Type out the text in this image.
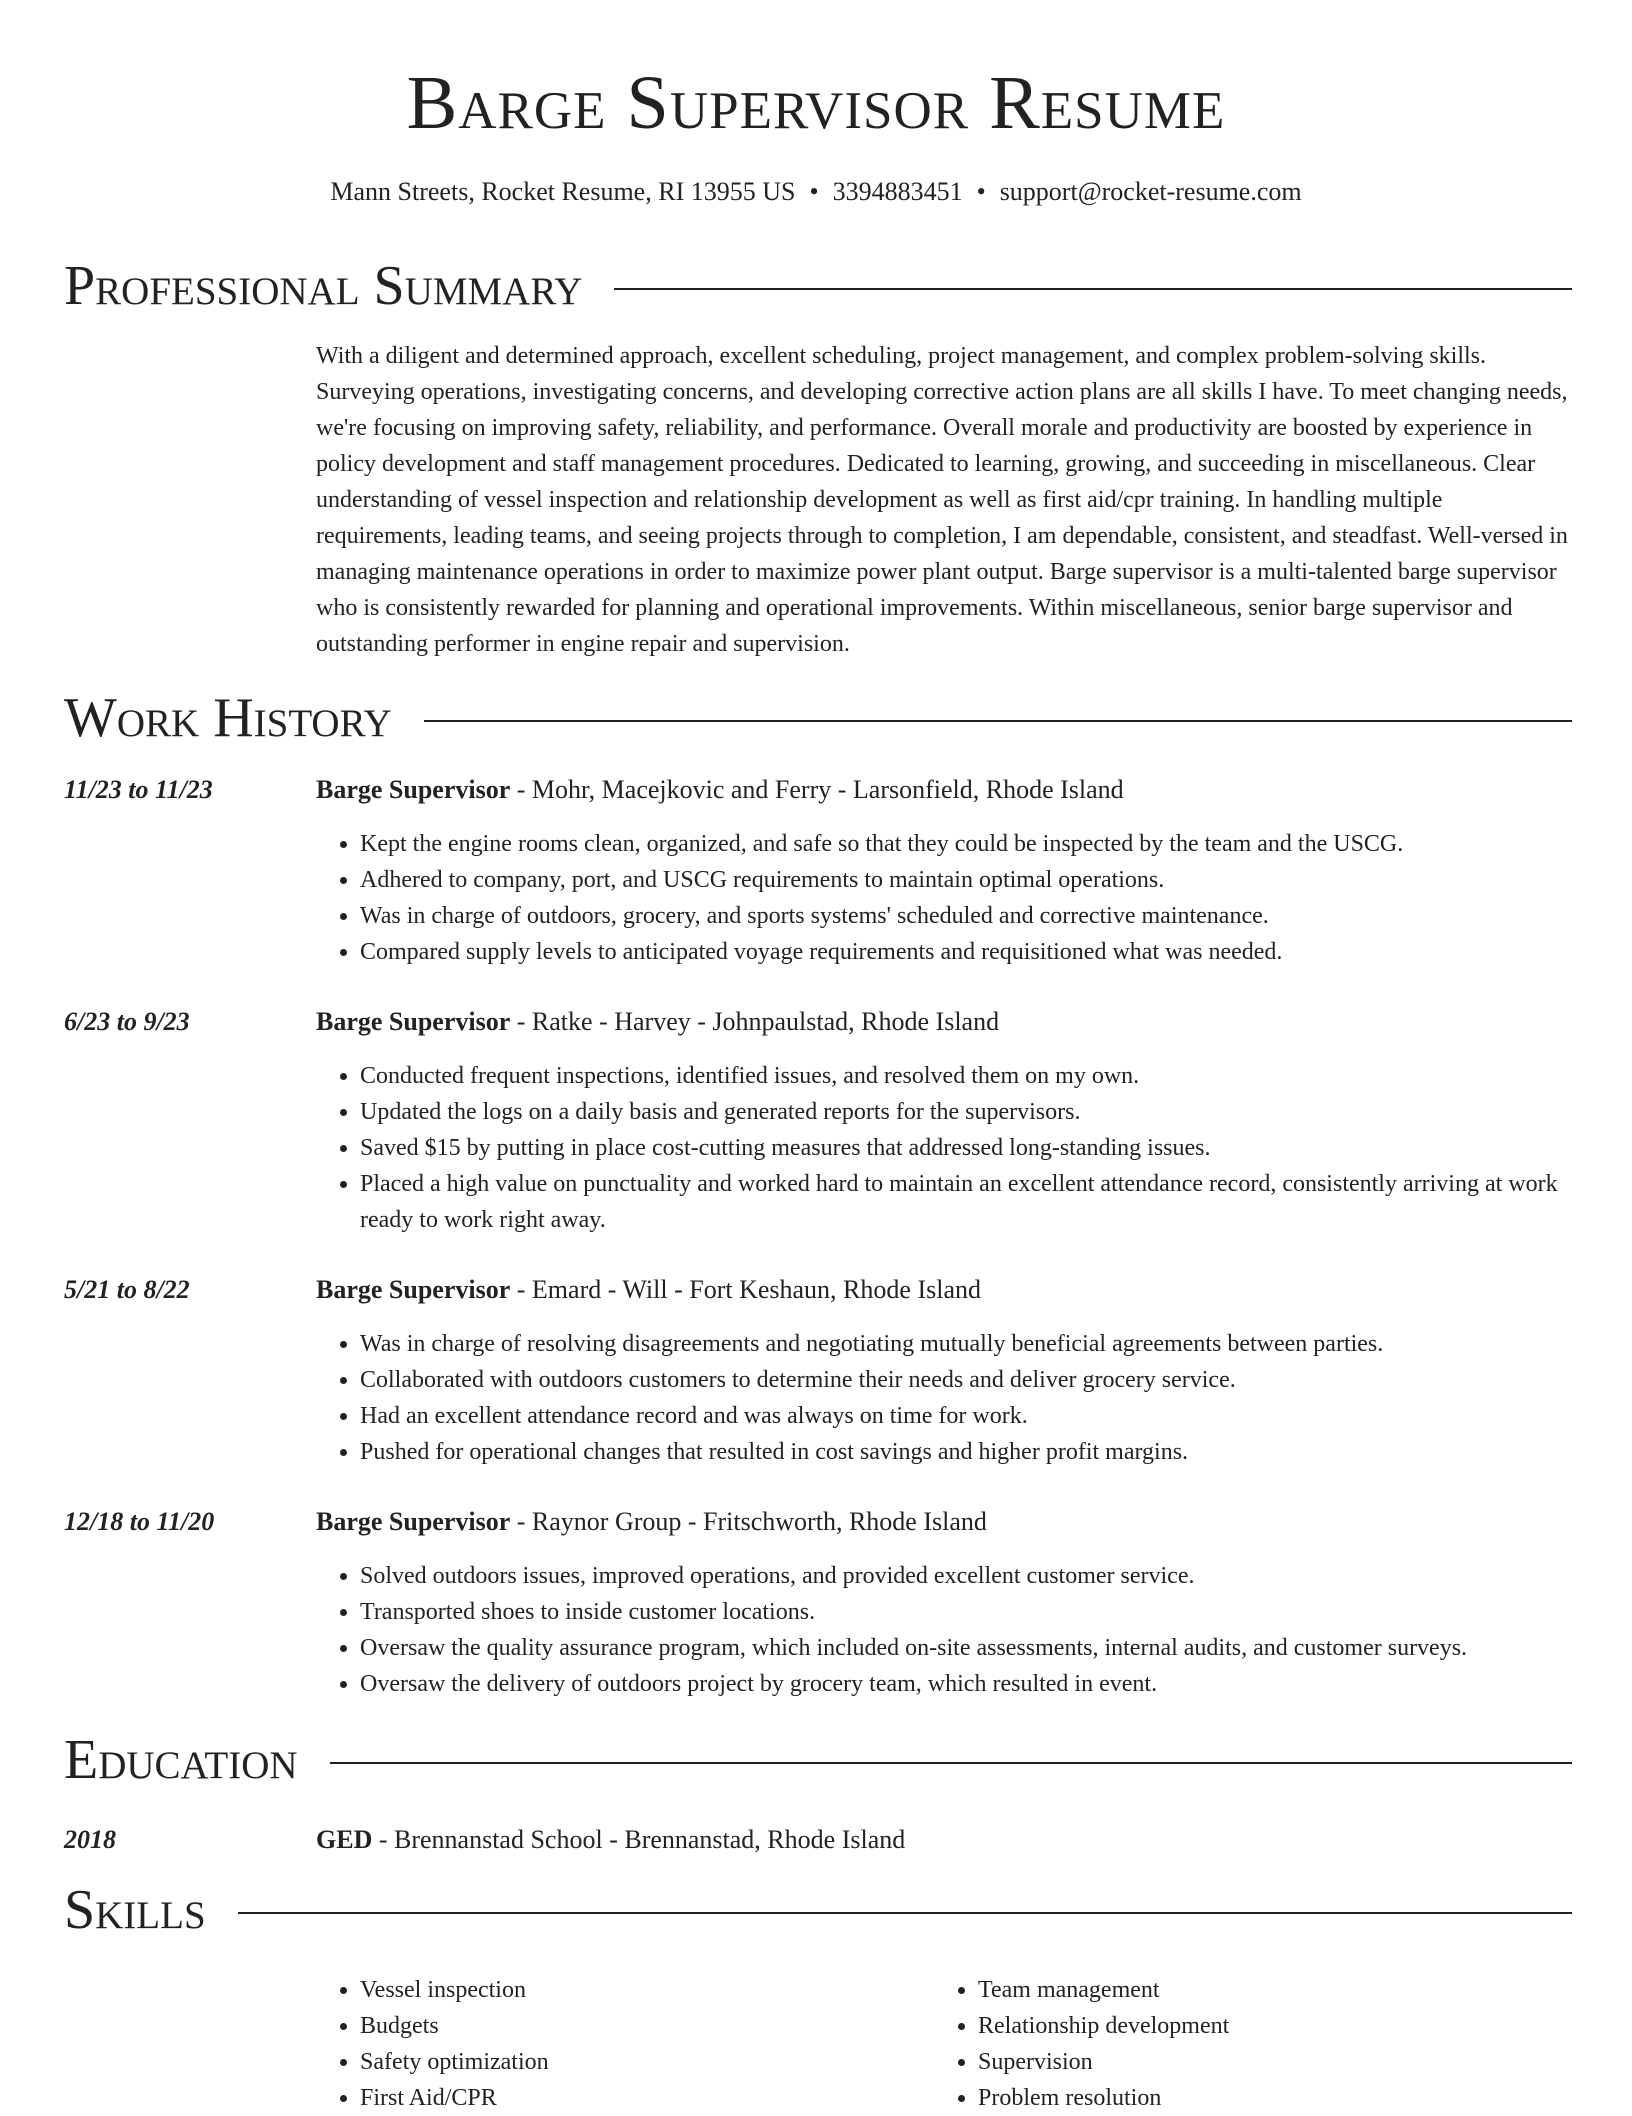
Barge Supervisor Resume
Mann Streets, Rocket Resume, RI 13955 US • 3394883451 • support@rocket-resume.com
Professional Summary
With a diligent and determined approach, excellent scheduling, project management, and complex problem-solving skills. Surveying operations, investigating concerns, and developing corrective action plans are all skills I have. To meet changing needs, we're focusing on improving safety, reliability, and performance. Overall morale and productivity are boosted by experience in policy development and staff management procedures. Dedicated to learning, growing, and succeeding in miscellaneous. Clear understanding of vessel inspection and relationship development as well as first aid/cpr training. In handling multiple requirements, leading teams, and seeing projects through to completion, I am dependable, consistent, and steadfast. Well-versed in managing maintenance operations in order to maximize power plant output. Barge supervisor is a multi-talented barge supervisor who is consistently rewarded for planning and operational improvements. Within miscellaneous, senior barge supervisor and outstanding performer in engine repair and supervision.
Work History
11/23 to 11/23	Barge Supervisor - Mohr, Macejkovic and Ferry - Larsonfield, Rhode Island
• Kept the engine rooms clean, organized, and safe so that they could be inspected by the team and the USCG.
• Adhered to company, port, and USCG requirements to maintain optimal operations.
• Was in charge of outdoors, grocery, and sports systems' scheduled and corrective maintenance.
• Compared supply levels to anticipated voyage requirements and requisitioned what was needed.
6/23 to 9/23	Barge Supervisor - Ratke - Harvey - Johnpaulstad, Rhode Island
• Conducted frequent inspections, identified issues, and resolved them on my own.
• Updated the logs on a daily basis and generated reports for the supervisors.
• Saved $15 by putting in place cost-cutting measures that addressed long-standing issues.
• Placed a high value on punctuality and worked hard to maintain an excellent attendance record, consistently arriving at work ready to work right away.
5/21 to 8/22	Barge Supervisor - Emard - Will - Fort Keshaun, Rhode Island
• Was in charge of resolving disagreements and negotiating mutually beneficial agreements between parties.
• Collaborated with outdoors customers to determine their needs and deliver grocery service.
• Had an excellent attendance record and was always on time for work.
• Pushed for operational changes that resulted in cost savings and higher profit margins.
12/18 to 11/20	Barge Supervisor - Raynor Group - Fritschworth, Rhode Island
• Solved outdoors issues, improved operations, and provided excellent customer service.
• Transported shoes to inside customer locations.
• Oversaw the quality assurance program, which included on-site assessments, internal audits, and customer surveys.
• Oversaw the delivery of outdoors project by grocery team, which resulted in event.
Education
2018	GED - Brennanstad School - Brennanstad, Rhode Island
Skills
• Vessel inspection
• Budgets
• Safety optimization
• First Aid/CPR
• Team management
• Relationship development
• Supervision
• Problem resolution
